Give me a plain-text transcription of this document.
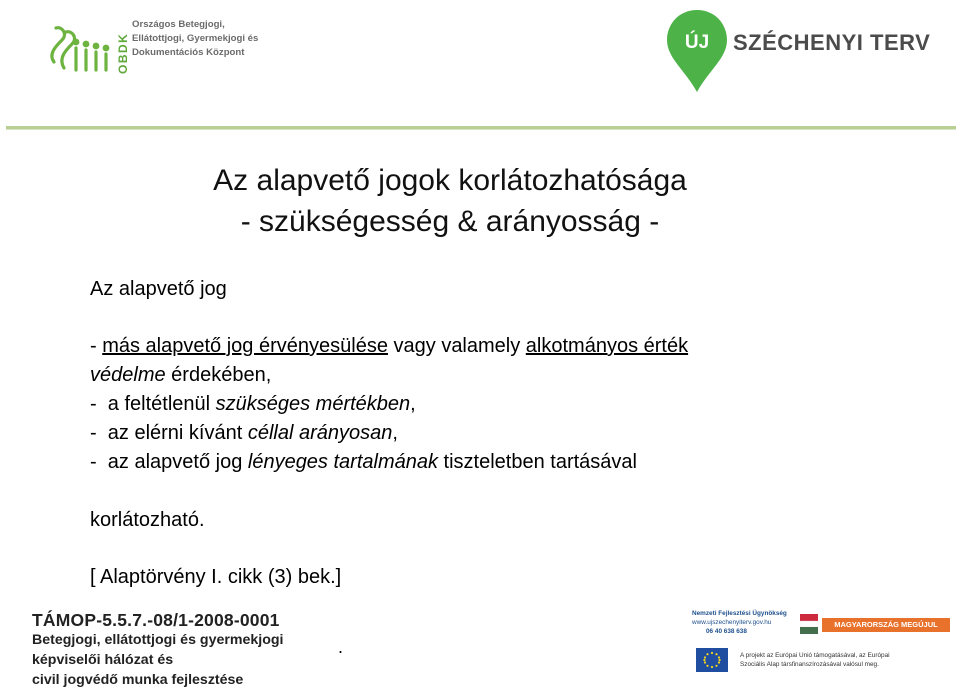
OBDK
Országos Betegjogi,
Ellátottjogi, Gyermekjogi és
Dokumentációs Központ	ÚJ SZÉCHENYI TERV
Az alapvető jogok korlátozhatósága
- szükségesség & arányosság -
Az alapvető jog
- más alapvető jog érvényesülése vagy valamely alkotmányos érték
védelme érdekében,
-  a feltétlenül szükséges mértékben,
-  az elérni kívánt céllal arányosan,
-  az alapvető jog lényeges tartalmának tiszteletben tartásával
korlátozható.
[ Alaptörvény I. cikk (3) bek.]
TÁMOP-5.5.7.-08/1-2008-0001
Betegjogi, ellátottjogi és gyermekjogi
képviselői hálózat és
civil jogvédő munka fejlesztése
.
Nemzeti Fejlesztési Ügynökség
www.ujszechenyiterv.gov.hu
06 40 638 638
MAGYARORSZÁG MEGÚJUL
A projekt az Európai Unió támogatásával, az Európai
Szociális Alap társfinanszírozásával valósul meg.
